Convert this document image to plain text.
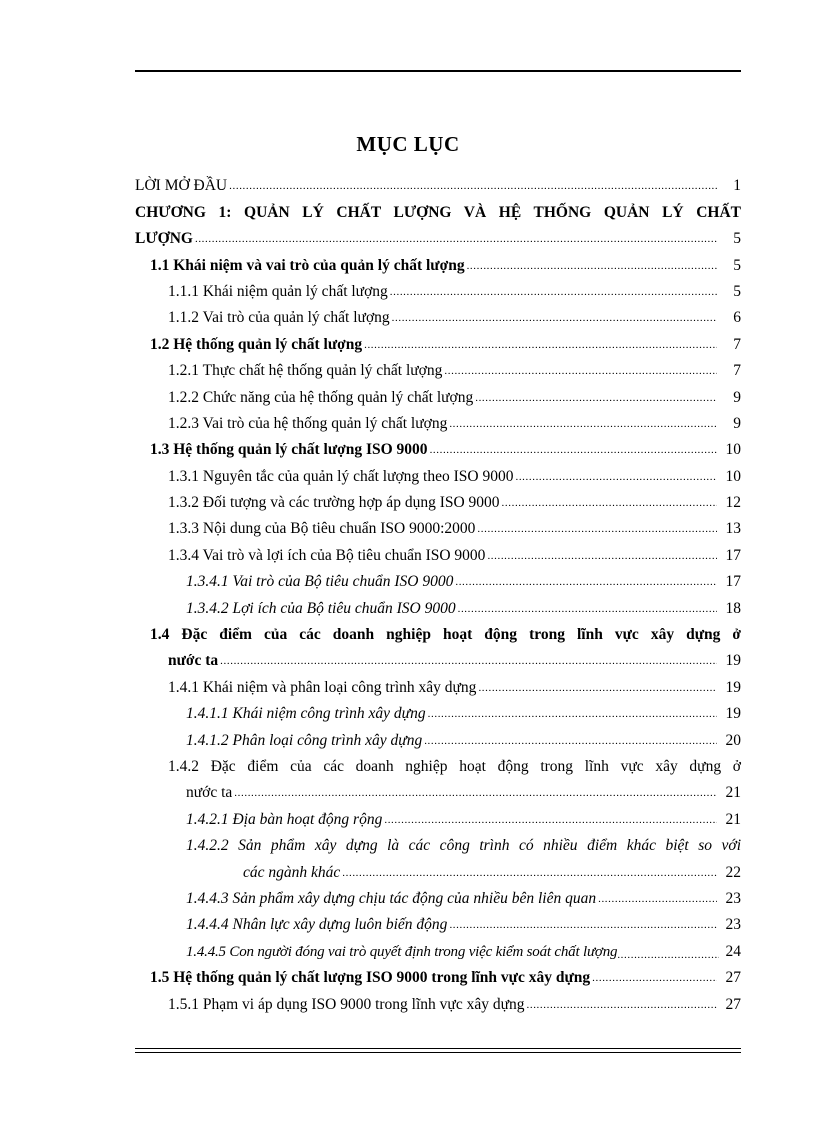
MỤC LỤC
LỜI MỞ ĐẦU .....	1
CHƯƠNG 1: QUẢN LÝ CHẤT LƯỢNG VÀ HỆ THỐNG QUẢN LÝ CHẤT
LƯỢNG .....	5
1.1 Khái niệm và vai trò của quản lý chất lượng .....	5
1.1.1 Khái niệm quản lý chất lượng .....	5
1.1.2 Vai trò của quản lý chất lượng .....	6
1.2 Hệ thống quản lý chất lượng .....	7
1.2.1 Thực chất hệ thống quản lý chất lượng .....	7
1.2.2 Chức năng của hệ thống quản lý chất lượng .....	9
1.2.3 Vai trò của hệ thống quản lý chất lượng .....	9
1.3 Hệ thống quản lý chất lượng ISO 9000 .....	10
1.3.1 Nguyên tắc của quản lý chất lượng theo ISO 9000 .....	10
1.3.2 Đối tượng và các trường hợp áp dụng ISO 9000 .....	12
1.3.3 Nội dung của Bộ tiêu chuẩn ISO 9000:2000 .....	13
1.3.4 Vai trò và lợi ích của Bộ tiêu chuẩn ISO 9000 .....	17
1.3.4.1 Vai trò của Bộ tiêu chuẩn ISO 9000 .....	17
1.3.4.2 Lợi ích của Bộ tiêu chuẩn ISO 9000 .....	18
1.4 Đặc điểm của các doanh nghiệp hoạt động trong lĩnh vực xây dựng ở
nước ta .....	19
1.4.1 Khái niệm và phân loại công trình xây dựng .....	19
1.4.1.1 Khái niệm công trình xây dựng .....	19
1.4.1.2 Phân loại công trình xây dựng .....	20
1.4.2 Đặc điểm của các doanh nghiệp hoạt động trong lĩnh vực xây dựng ở
nước ta .....	21
1.4.2.1 Địa bàn hoạt động rộng .....	21
1.4.2.2 Sản phẩm xây dựng là các công trình có nhiều điểm khác biệt so với
các ngành khác .....	22
1.4.4.3 Sản phẩm xây dựng chịu tác động của nhiều bên liên quan .....	23
1.4.4.4 Nhân lực xây dựng luôn biến động .....	23
1.4.4.5 Con người đóng vai trò quyết định trong việc kiểm soát chất lượng .....	24
1.5 Hệ thống quản lý chất lượng ISO 9000 trong lĩnh vực xây dựng .....	27
1.5.1 Phạm vi áp dụng ISO 9000 trong lĩnh vực xây dựng .....	27
